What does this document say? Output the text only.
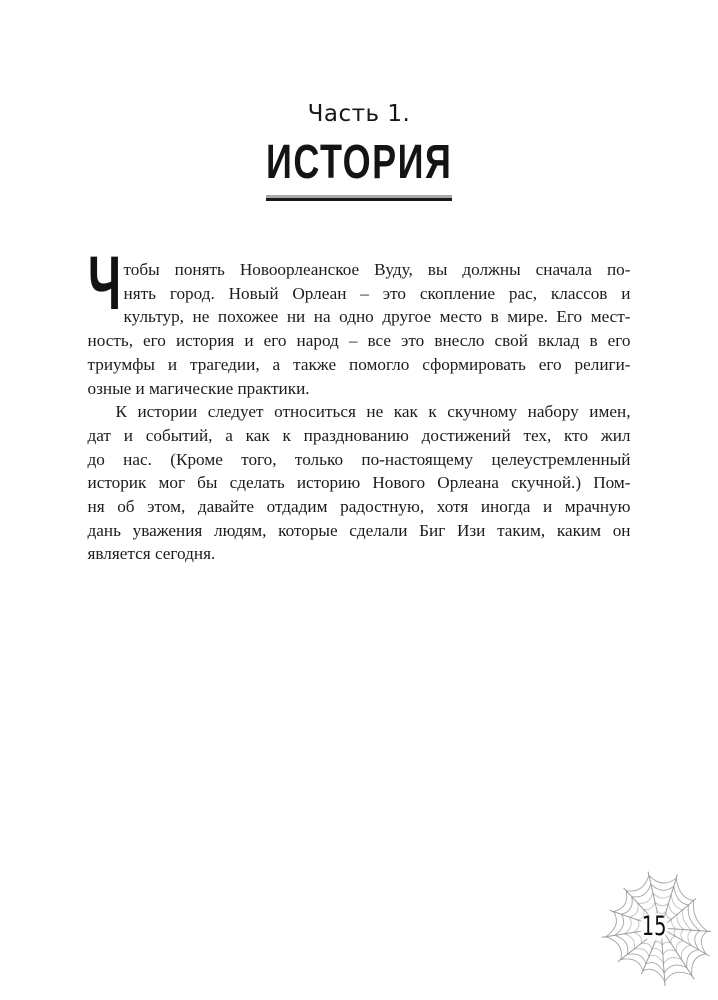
Часть 1.
ИСТОРИЯ
Ч тобы понять Новоорлеанское Вуду, вы должны сначала по-
нять город. Новый Орлеан – это скопление рас, классов и
культур, не похожее ни на одно другое место в мире. Его мест-
ность, его история и его народ – все это внесло свой вклад в его
триумфы и трагедии, а также помогло сформировать его религи-
озные и магические практики.
К истории следует относиться не как к скучному набору имен,
дат и событий, а как к празднованию достижений тех, кто жил
до нас. (Кроме того, только по-настоящему целеустремленный
историк мог бы сделать историю Нового Орлеана скучной.) Пом-
ня об этом, давайте отдадим радостную, хотя иногда и мрачную
дань уважения людям, которые сделали Биг Изи таким, каким он
является сегодня.
15
